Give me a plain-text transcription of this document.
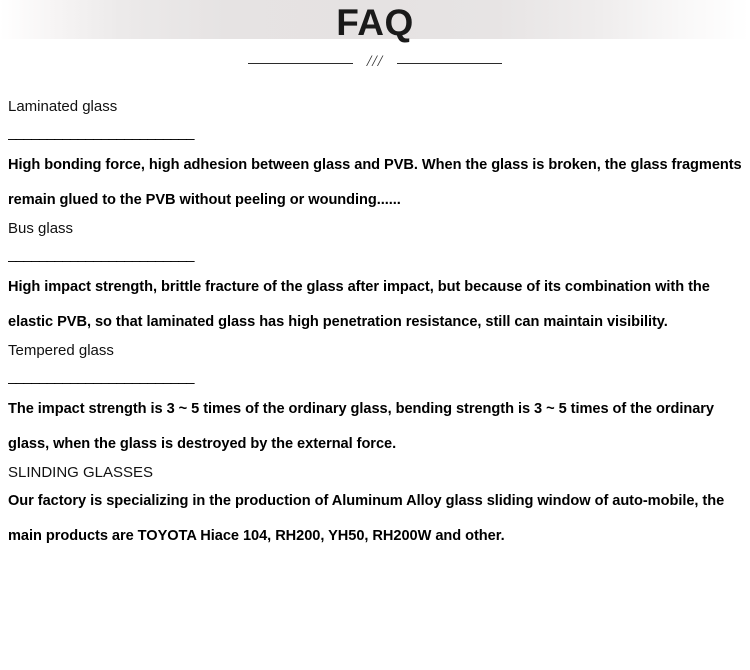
FAQ
///

Laminated glass

________________________

High bonding force, high adhesion between glass and PVB. When the glass is broken, the glass fragments remain glued to the PVB without peeling or wounding......

Bus glass

________________________

High impact strength, brittle fracture of the glass after impact, but because of its combination with the elastic PVB, so that laminated glass has high penetration resistance, still can maintain visibility.

Tempered glass

________________________

The impact strength is 3 ~ 5 times of the ordinary glass, bending strength is 3 ~ 5 times of the ordinary glass, when the glass is destroyed by the external force.

SLINDING GLASSES

Our factory is specializing in the production of Aluminum Alloy glass sliding window of auto-mobile, the main products are TOYOTA Hiace 104, RH200, YH50, RH200W and other.
